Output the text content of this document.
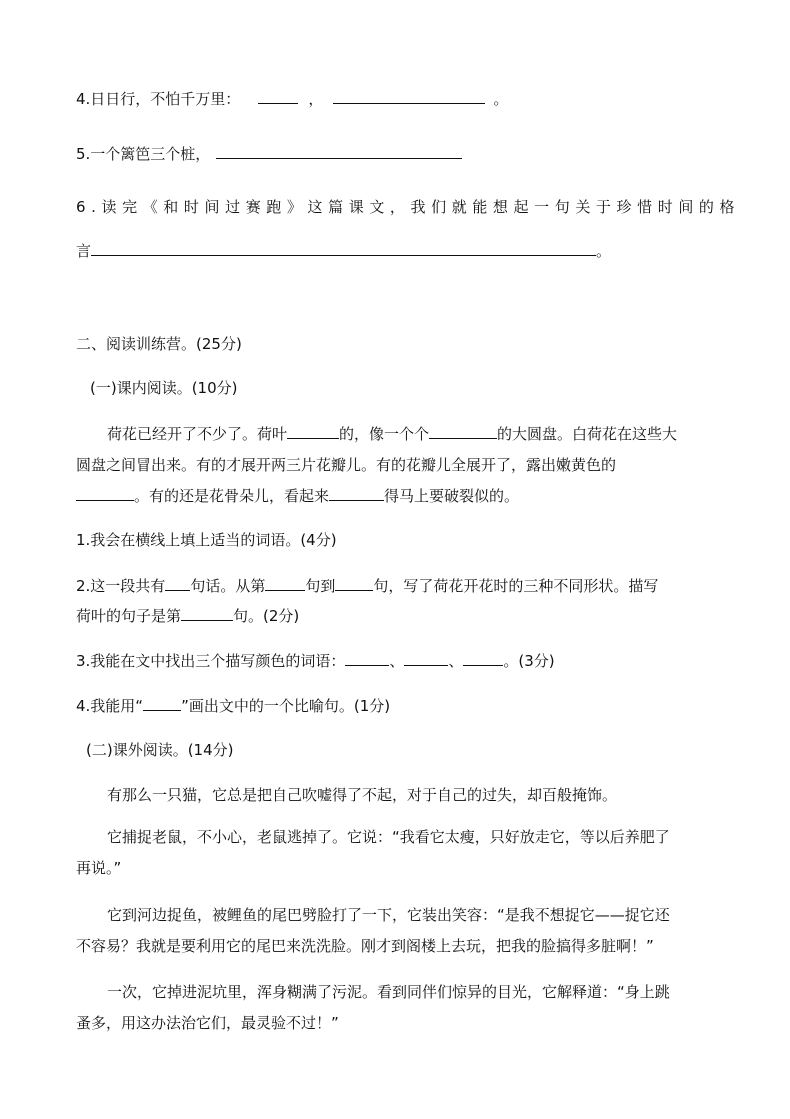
4.日日行，不怕千万里：	，	。
5.一个篱笆三个桩，
6.读完《和时间过赛跑》这篇课文，我们就能想起一句关于珍惜时间的格
言	。
二、阅读训练营。(25分)
(一)课内阅读。(10分)
荷花已经开了不少了。荷叶	的，像一个个	的大圆盘。白荷花在这些大
圆盘之间冒出来。有的才展开两三片花瓣儿。有的花瓣儿全展开了，露出嫩黄色的
。有的还是花骨朵儿，看起来	得马上要破裂似的。
1.我会在横线上填上适当的词语。(4分)
2.这一段共有 句话。从第	句到	句，写了荷花开花时的三种不同形状。描写
荷叶的句子是第	句。(2分)
3.我能在文中找出三个描写颜色的词语：	、	、	。(3分)
4.我能用“	”画出文中的一个比喻句。(1分)
(二)课外阅读。(14分)
有那么一只猫，它总是把自己吹嘘得了不起，对于自己的过失，却百般掩饰。
它捕捉老鼠，不小心，老鼠逃掉了。它说：“我看它太瘦，只好放走它，等以后养肥了
再说。”
它到河边捉鱼，被鲤鱼的尾巴劈脸打了一下，它装出笑容：“是我不想捉它——捉它还
不容易？我就是要利用它的尾巴来洗洗脸。刚才到阁楼上去玩，把我的脸搞得多脏啊！”
一次，它掉进泥坑里，浑身糊满了污泥。看到同伴们惊异的目光，它解释道：“身上跳
蚤多，用这办法治它们，最灵验不过！”
